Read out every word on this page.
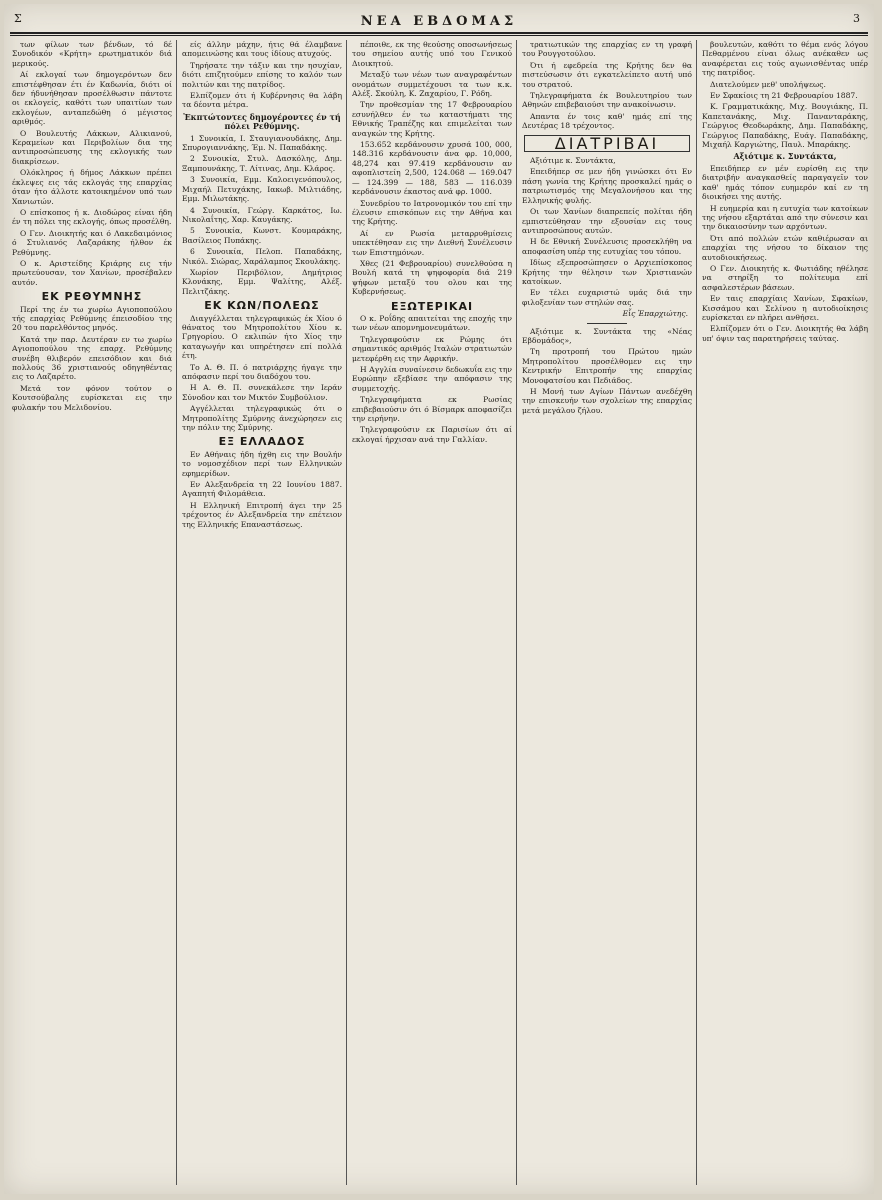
Σ	ΝΕΑ ΕΒΔΟΜΑΣ	3

των φίλων των βένδων, τό δέ Συνοδικόν «Κρήτη» ερωτηματικόν διά μερικούς.

Αί εκλογαί των δημογερόντων δεν επιστέφθησαν έτι έν Καδωνία, διότι οί δεν ήδυνήθησαν προσέλθωσιν πάντοτε οι εκλογείς, καθότι των υπαιτίων των εκλογέων, ανταπεδώθη ό μέγιστος αριθμός.

Ο Βουλευτής Λάκκων, Αλικιανού, Κεραμείων και Περιβολίων δια της αντιπροσώπευσης της εκλογικής των διακρίσεων.

Ολόκληρος ή δήμος Λάκκων πρέπει έκλεψες εις τάς εκλογάς της επαρχίας όταν ήτο άλλοτε κατοικημένον υπό των Χανιωτών.

Ο επίσκοπος ή κ. Διοδώρος είναι ήδη έν τη πόλει της εκλογής, όπως προσέλθη.

Ο Γεν. Διοικητής και ό Λακεδαιμόνιος ό Στυλιανός Λαζαράκης ήλθον έκ Ρεθύμνης.

Ο κ. Αριστείδης Κριάρης εις τήν πρωτεύουσαν, τον Χανίων, προσέβαλεν αυτόν.

ΕΚ ΡΕΘΥΜΝΗΣ

Περί της έν τω χωρίω Αγιοποπούλου τής επαρχίας Ρεθύμνης έπεισοδίου της 20 του παρελθόντος μηνός.

Κατά την παρ. Δευτέραν εν τω χωρίω Αγιοποπούλου της επαρχ. Ρεθύμνης συνέβη θλιβερόν επεισόδιον και διά πολλούς 36 χριστιανούς οδηγηθέντας εις το Λαζαρέτο.

Μετά τον φόνον τούτον ο Κουτσούβαλης ευρίσκεται εις την φυλακήν του Μελιδονίου.

είς άλλην μάχην, ήτις θά έλαμβανε απομεινώσης και τους ίδίους ατυχούς.

Τηρήσατε την τάξιν και την ησυχίαν, διότι επιζητούμεν επίσης το καλόν των πολιτών και της πατρίδος.

Ελπίζομεν ότι ή Κυβέρνησις θα λάβη τα δέοντα μέτρα.

Ἐκπτώτοντες δημογέροντες έν τή πόλει Ρεθύμνης.

1 Συνοικία, Ι. Σταυγιανουδάκης, Δημ. Σπυρογιαννάκης, Έμ. Ν. Παπαδάκης.

2 Συνοικία, Στυλ. Δασκόλης, Δημ. Ξαμπουνάκης, Τ. Λίτινας, Δημ. Κλάρος.

3 Συνοικία, Εμμ. Καλοειγενόπουλος, Μιχαήλ Πετυχάκης, Ιακωβ. Μιλτιάδης, Εμμ. Μιλωτάκης.

4 Συνοικία, Γεώργ. Καρκάτος, Ιω. Νικολαΐτης, Χαρ. Καυγάκης.

5 Συνοικία, Κωνστ. Κουμαράκης, Βασίλειος Πυπάκης.

6 Συνοικία, Πελοπ. Παπαδάκης, Νικόλ. Σιώρας, Χαράλαμπος Σκουλάκης.

Χωρίον Περιβόλιον, Δημήτριος Κλονάκης, Εμμ. Ψαλίτης, Αλέξ. Πελιτζάκης.

ΕΚ ΚΩΝ/ΠΟΛΕΩΣ

Διαγγέλλεται τηλεγραφικώς έκ Χίου ό θάνατος του Μητροπολίτου Χίου κ. Γρηγορίου. Ο εκλιπών ήτο Χίος την καταγωγήν και υπηρέτησεν επί πολλά έτη.

Το Α. Θ. Π. ό πατριάρχης ήγαγε την απόφασιν περί του διαδόχου του.

Η Α. Θ. Π. συνεκάλεσε την Ιεράν Σύνοδον και τον Μικτόν Συμβούλιον.

Αγγέλλεται τηλεγραφικώς ότι ο Μητροπολίτης Σμύρνης άνεχώρησεν εις την πόλιν της Σμύρνης.

ΕΞ ΕΛΛΑΔΟΣ

Εν Αθήναις ήδη ήχθη εις την Βουλήν το νομοσχέδιον περί των Ελληνικών εφημερίδων.

Εν Αλεξανδρεία τη 22 Ιουνίου 1887. Αγαπητή Φιλομάθεια.

Η Ελληνική Επιτροπή άγει την 25 τρέχοντος έν Αλεξανδρεία την επέτειον της Ελληνικής Επαναστάσεως.

πέποιθε, εκ της θεούσης οποσωνήσεως του σημείου αυτής υπό του Γενικού Διοικητού.

Μεταξύ των νέων των αναγραφέντων ονομάτων συμμετέχουσι τα των κ.κ. Αλέξ. Σκούλη, Κ. Ζαχαρίου, Γ. Ρόδη.

Την προθεσμίαν της 17 Φεβρουαρίου εσυνήλθεν έν τω καταστήματι της Εθνικής Τραπέζης και επιμελείται των αναγκών της Κρήτης.

153.652 κερδάνουσιν χρυσά 100, 000, 148.316 κερδάνουσιν άνα φρ. 10,000, 48,274 και 97.419 κερδάνουσιν αν αφοπλιστείη 2,500, 124.068 — 169.047 — 124.399 — 188, 583 — 116.039 κερδάνουσιν έκαστος ανά φρ. 1000.

Συνεδρίου το Ιατρονομικόν του επί την έλευσιν επισκόπων εις την Αθήνα και της Κρήτης.

Αί εν Ρωσία μεταρρυθμίσεις υπεκτέθησαν εις την Διεθνή Συνέλευσιν των Επιστημόνων.

Χθες (21 Φεβρουαρίου) συνελθούσα η Βουλή κατά τη ψηφοφορία διά 219 ψήφων μεταξύ του ολου και της Κυβερνήσεως.

ΕΞΩΤΕΡΙΚΑΙ

Ο κ. Ροΐδης απαιτείται της εποχής την των νέων απομνημονευμάτων.

Τηλεγραφούσιν εκ Ρώμης ότι σημαντικός αριθμός Ιταλών στρατιωτών μετεφέρθη εις την Αφρικήν.

Η Αγγλία συναίνεσιν δεδωκυΐα εις την Ευρώπην εξεβίασε την απόφασιν της συμμετοχής.

Τηλεγραφήματα εκ Ρωσίας επιβεβαιούσιν ότι ό Βίσμαρκ αποφασίζει την ειρήνην.

Τηλεγραφούσιν εκ Παρισίων ότι αί εκλογαί ήρχισαν ανά την Γαλλίαν.

τρατιωτικών της επαρχίας εν τη γραφή του Ρουγγοτούλου.

Ότι ή εφεδρεία της Κρήτης δεν θα πιστεύσωσιν ότι εγκατελείπετο αυτή υπό του στρατού.

Τηλεγραφήματα έκ Βουλευτηρίου των Αθηνών επιβεβαιούσι την ανακοίνωσιν.

Απαντα έν τοις καθ' ημάς επί της Δευτέρας 18 τρέχοντος.

ΔΙΑΤΡΙΒΑΙ

Αξιότιμε κ. Συντάκτα,

Επειδήπερ σε μεν ήδη γινώσκει ότι Εν πάση γωνία της Κρήτης προσκαλεί ημάς ο πατριωτισμός της Μεγαλονήσου και της Ελληνικής φυλής.

Οι των Χανίων διαπρεπείς πολίται ήδη εμπιστεύθησαν την εξουσίαν εις τους αντιπροσώπους αυτών.

Η δε Εθνική Συνέλευσις προσεκλήθη να αποφασίση υπέρ της ευτυχίας του τόπου.

Ιδίως εξεπροσώπησεν ο Αρχιεπίσκοπος Κρήτης την θέλησιν των Χριστιανών κατοίκων.

Εν τέλει ευχαριστώ υμάς διά την φιλοξενίαν των στηλών σας.

Εἷς Ἐπαρχιώτης.

Αξιότιμε κ. Συντάκτα της «Νέας Εβδομάδος»,

Τη προτροπή του Πρώτου ημών Μητροπολίτου προσέλθομεν εις την Κεντρικήν Επιτροπήν της επαρχίας Μονοφατσίου και Πεδιάδος.

Η Μονή των Αγίων Πάντων ανεδέχθη την επισκευήν των σχολείων της επαρχίας μετά μεγάλου ζήλου.

βουλευτών, καθότι το θέμα ενός λόγου Πεθαρμένου είναι όλως ανέκαθεν ως αναφέρεται εις τούς αγωνισθέντας υπέρ της πατρίδος.

Διατελούμεν μεθ' υπολήψεως.

Εν Σφακίοις τη 21 Φεβρουαρίου 1887.

Κ. Γραμματικάκης, Μιχ. Βουγιάκης, Π. Καπετανάκης, Μιχ. Πανανταράκης, Γεώργιος Θεοδωράκης, Δημ. Παπαδάκης, Γεώργιος Παπαδάκης, Ευάγ. Παπαδάκης, Μιχαήλ Καργιώτης, Παυλ. Μπαράκης.

Αξιότιμε κ. Συντάκτα,

Επειδήπερ εν μέν ευρίσθη εις την διατριβήν αναγκασθείς παραγαγεῖν τον καθ' ημάς τόπον ευημερόν καί εν τη διοικήσει της αυτής.

Η ευημερία και η ευτυχία των κατοίκων της νήσου εξαρτάται από την σύνεσιν και την δικαιοσύνην των αρχόντων.

Ότι από πολλών ετών καθιέρωσαν αι επαρχίαι της νήσου το δίκαιον της αυτοδιοικήσεως.

Ο Γεν. Διοικητής κ. Φωτιάδης ηθέλησε να στηρίξη το πολίτευμα επί ασφαλεστέρων βάσεων.

Εν ταις επαρχίαις Χανίων, Σφακίων, Κισσάμου και Σελίνου η αυτοδιοίκησις ευρίσκεται εν πλήρει ανθήσει.

Ελπίζομεν ότι ο Γεν. Διοικητής θα λάβη υπ' όψιν τας παρατηρήσεις ταύτας.
